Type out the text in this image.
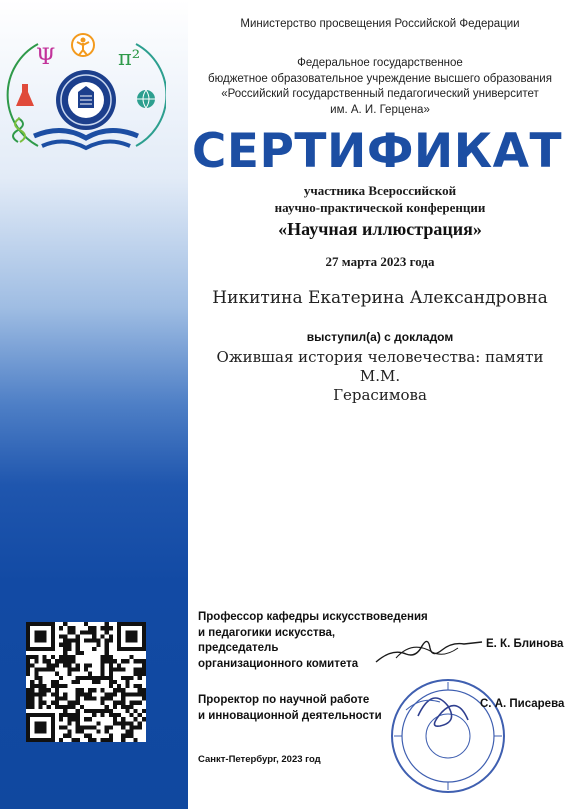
Ψ	π²
Министерство просвещения Российской Федерации
Федеральное государственное
бюджетное образовательное учреждение высшего образования
«Российский государственный педагогический университет
им. А. И. Герцена»
СЕРТИФИКАТ
участника Всероссийской
научно-практической конференции
«Научная иллюстрация»
27 марта 2023 года
Никитина Екатерина Александровна
выступил(а) с докладом
Ожившая история человечества: памяти М.М.
Герасимова
Профессор кафедры искусствоведения
и педагогики искусства,
председатель
организационного комитета
Е. К. Блинова
Проректор по научной работе
и инновационной деятельности
С. А. Писарева
Санкт-Петербург, 2023 год
